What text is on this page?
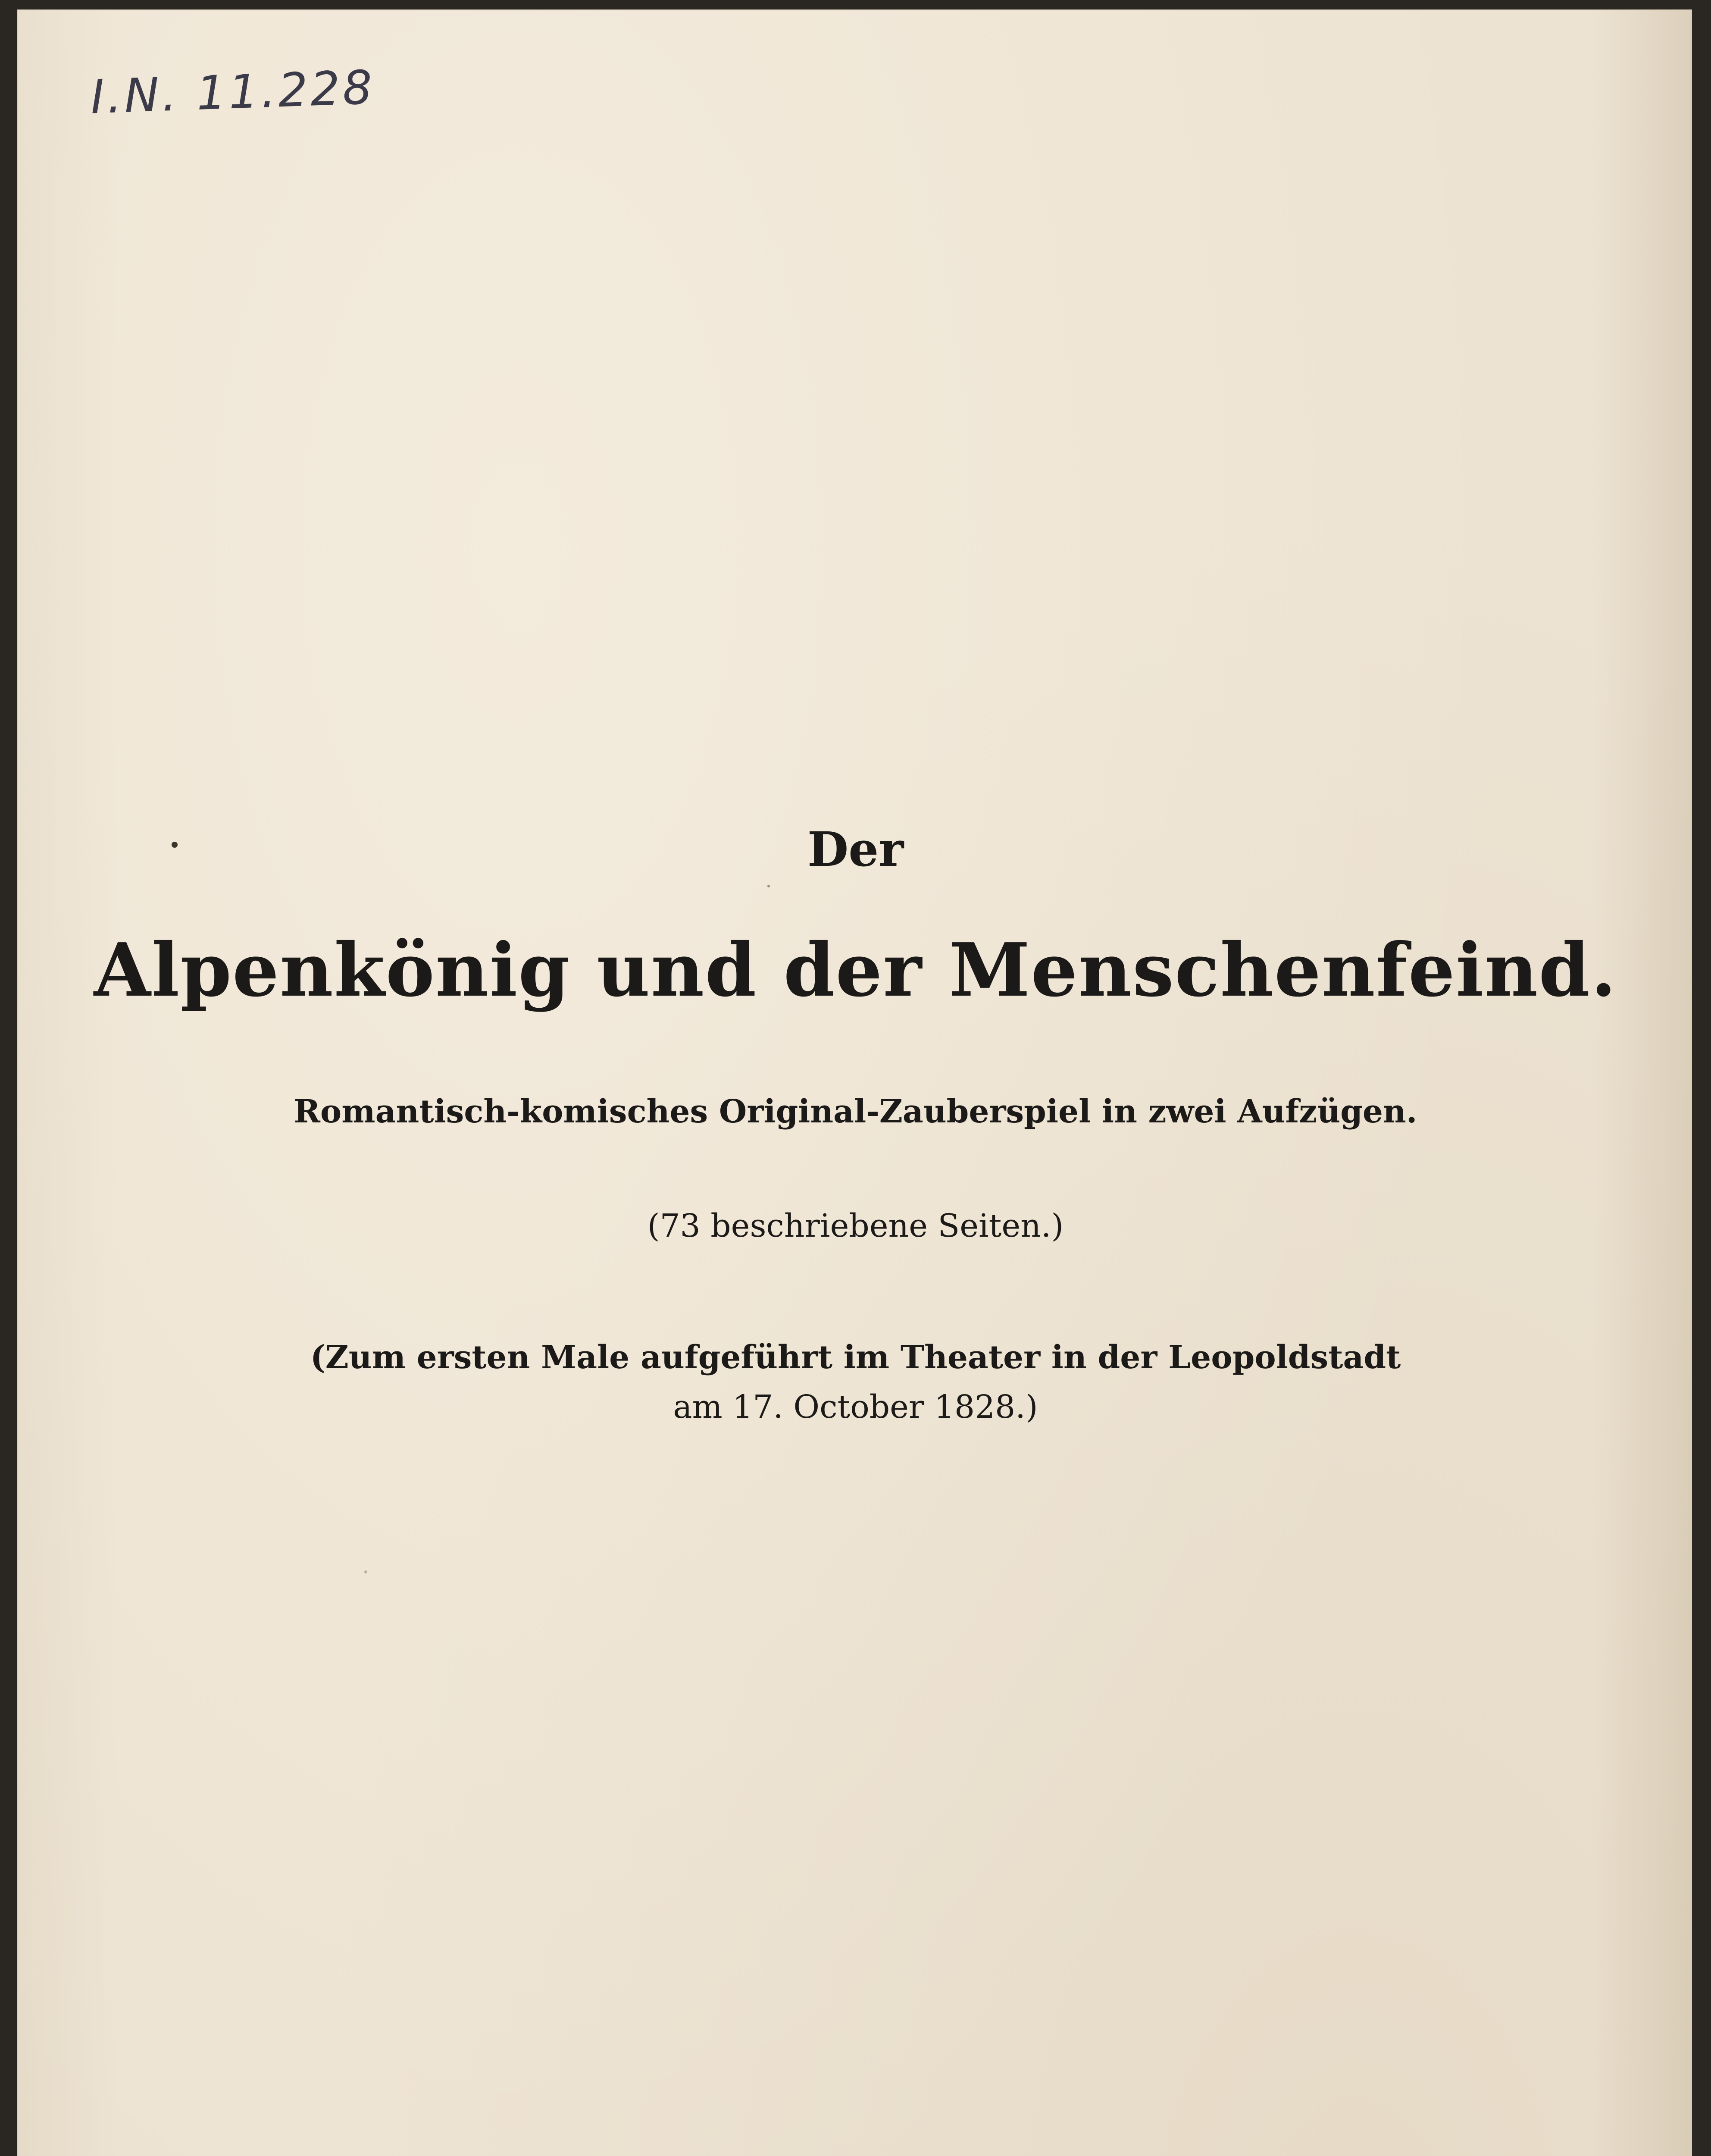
I.N. 11.228
Der
Alpenkönig und der Menschenfeind.
Romantisch-komisches Original-Zauberspiel in zwei Aufzügen.
(73 beschriebene Seiten.)
(Zum ersten Male aufgeführt im Theater in der Leopoldstadt
am 17. October 1828.)
